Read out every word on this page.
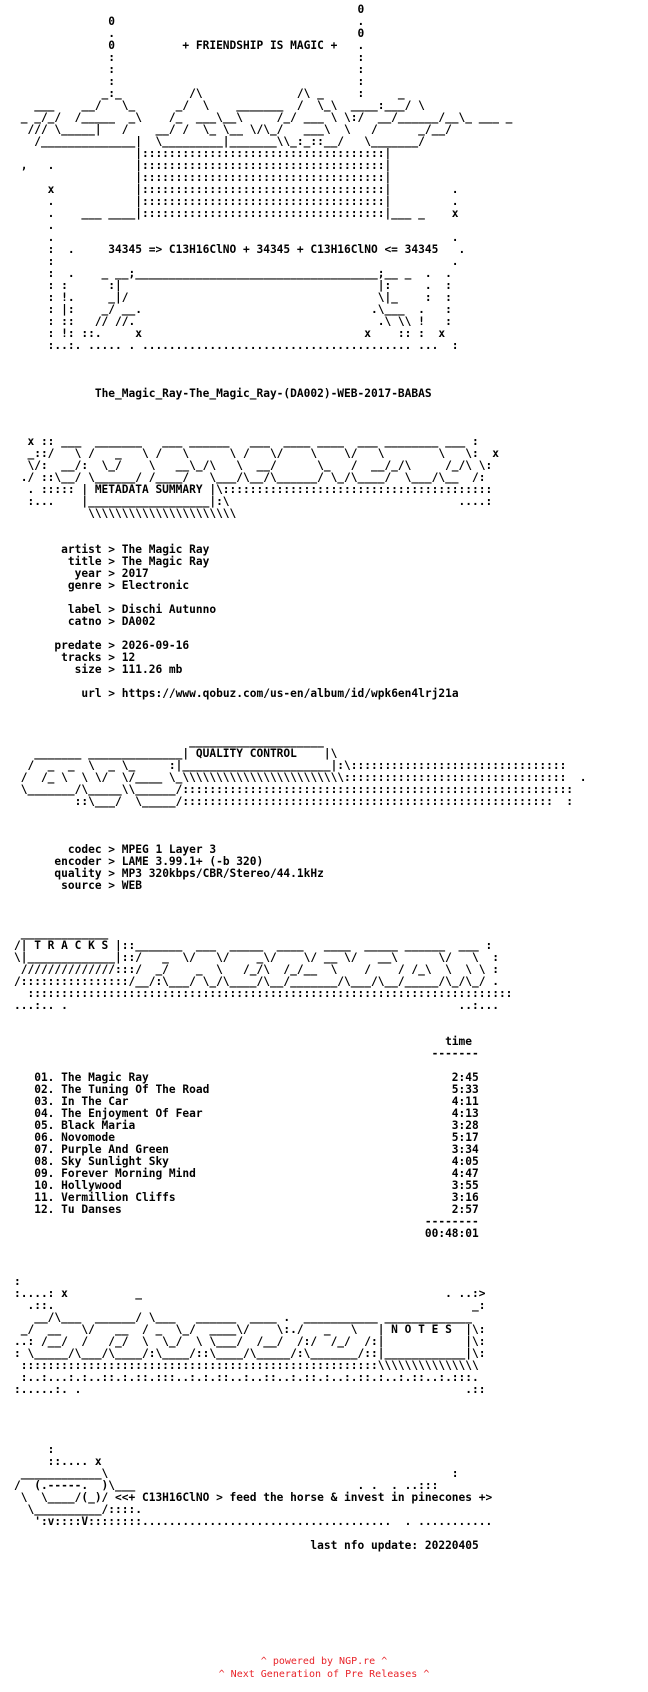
0
0                                    .
.                                    0
0          + FRIENDSHIP IS MAGIC +   .
:                                    :
:                                    :
:                                    :
_:_          /\              /\ _     :     _
___    __/   \_      _/  \    _______  /  \_\  ____:___/ \
_ _/_/  /_____  _\    /_  ___\__\     /_/ ___ \ \:/  __/______/__\_ ___ _
/// \_____|   /    __/ /  \_ \__ \/\_/   ___\  \   /      _/__/
/______________|  \_________|_______\\_:_::__/   \_______/
|::::::::::::::::::::::::::::::::::::|
,   .            |::::::::::::::::::::::::::::::::::::|
|::::::::::::::::::::::::::::::::::::|
x            |::::::::::::::::::::::::::::::::::::|         .
.            |::::::::::::::::::::::::::::::::::::|         .
.    ___ ____|::::::::::::::::::::::::::::::::::::|___ _    x
.
.                                                           .
:  .     34345 => C13H16ClNO + 34345 + C13H16ClNO <= 34345   .
:                                                           .
:  .    _ __;____________________________________;__ _  .  .
: :      :|                                      |:     .  :
: !.     _|/                                     \|_    :  :
: |:    _/ __.                                  .\___  .   :
: ::   // //.                                    .\ \\ !   :
: !: ::.     x                                 x    :: :  x
:..:. ..... . ........................................ ...  :

The_Magic_Ray-The_Magic_Ray-(DA002)-WEB-2017-BABAS

x :: ___  _______   ___ ______   ___  ____ ____  ___ ________ ___ :
_::/   \ /   _   \ /   \      \ /   \/    \    \/   \        \   \:  x
\/:  __/:  \_/    \   __\_/\   \  __/      \_   /  __/_/\     /_/\ \:
./ ::\__/ \______/ /____/   \___/\__/\______/ \_/\____/  \___/\__  /:
. ::::: | METADATA SUMMARY |\::::::::::::::::::::::::::::::::::::::::
:...    |__________________|:\                                  ....:
\\\\\\\\\\\\\\\\\\\\\\

artist > The Magic Ray
title > The Magic Ray
year > 2017
genre > Electronic

label > Dischi Autunno
catno > DA002

predate > 2026-09-16
tracks > 12
size > 111.26 mb

url > https://www.qobuz.com/us-en/album/id/wpk6en4lrj21a

____________________
_______ ______________| QUALITY CONTROL    |\
/  _  _  \  _ \_     :|______________________|:\::::::::::::::::::::::::::::::::
/  /_ \  \ \/  \/____ \_\\\\\\\\\\\\\\\\\\\\\\\\:::::::::::::::::::::::::::::::::  .
\_______/\_____\\______/::::::::::::::::::::::::::::::::::::::::::::::::::::::::::
::\___/  \_____/:::::::::::::::::::::::::::::::::::::::::::::::::::::::  :

codec > MPEG 1 Layer 3
encoder > LAME 3.99.1+ (-b 320)
quality > MP3 320kbps/CBR/Stereo/44.1kHz
source > WEB

_____________
/| T R A C K S |::_______  ___  _____  ____   ____  _____ ______  ___ :
\|_____________|::/   _  \/   \/    _\/    \/ __ \/   __\      \/   \  :
//////////////:::/  _/    _  \   /_/\  /_/__  \    /    / /_\  \  \ \ :
/::::::::::::::::/__/:\___/ \_/\____/\__/_______/\___/\__/_____/\_/\_/ .
::::::::::::::::::::::::::::::::::::::::::::::::::::::::::::::::::::::::
...:.. .                                                          ..:...

time
-------

01. The Magic Ray                                             2:45
02. The Tuning Of The Road                                    5:33
03. In The Car                                                4:11
04. The Enjoyment Of Fear                                     4:13
05. Black Maria                                               3:28
06. Novomode                                                  5:17
07. Purple And Green                                          3:34
08. Sky Sunlight Sky                                          4:05
09. Forever Morning Mind                                      4:47
10. Hollywood                                                 3:55
11. Vermillion Cliffs                                         3:16
12. Tu Danses                                                 2:57
--------
00:48:01

:
:....: x          _                                             . ..:>
.::.                                                              _:
__/\___  ______/ \___   ______  ____ .  ___________ _____________
_/  __   \/   __  / _  \_/  ____\/    \:./   _   \   | N O T E S  |\:
..: /__/  /   /_/  \  \_/  \ \___/  /__/  /:/  /_/  /:|            |\:
: \_____/\___/\____/:\____/::\____/\_____/:\_______/::|____________|\:
:::::::::::::::::::::::::::::::::::::::::::::::::::::\\\\\\\\\\\\\\\
:..:...:.:..::.:.::.:::..:.:.::..:..::..:.::.:..:.::.:..:.::..:.:::.
:.....:. .                                                         .::

:
::.... x
____________\                                                   :
/  (.-----.  )\___                                 . .  . ..:::
\  \____/(_)/ <<+ C13H16ClNO > feed the horse & invest in pinecones +>
\__________/::::.
':v::::V::::::::.....................................  . ...........

last nfo update: 20220405
^ powered by NGP.re ^
^ Next Generation of Pre Releases ^
